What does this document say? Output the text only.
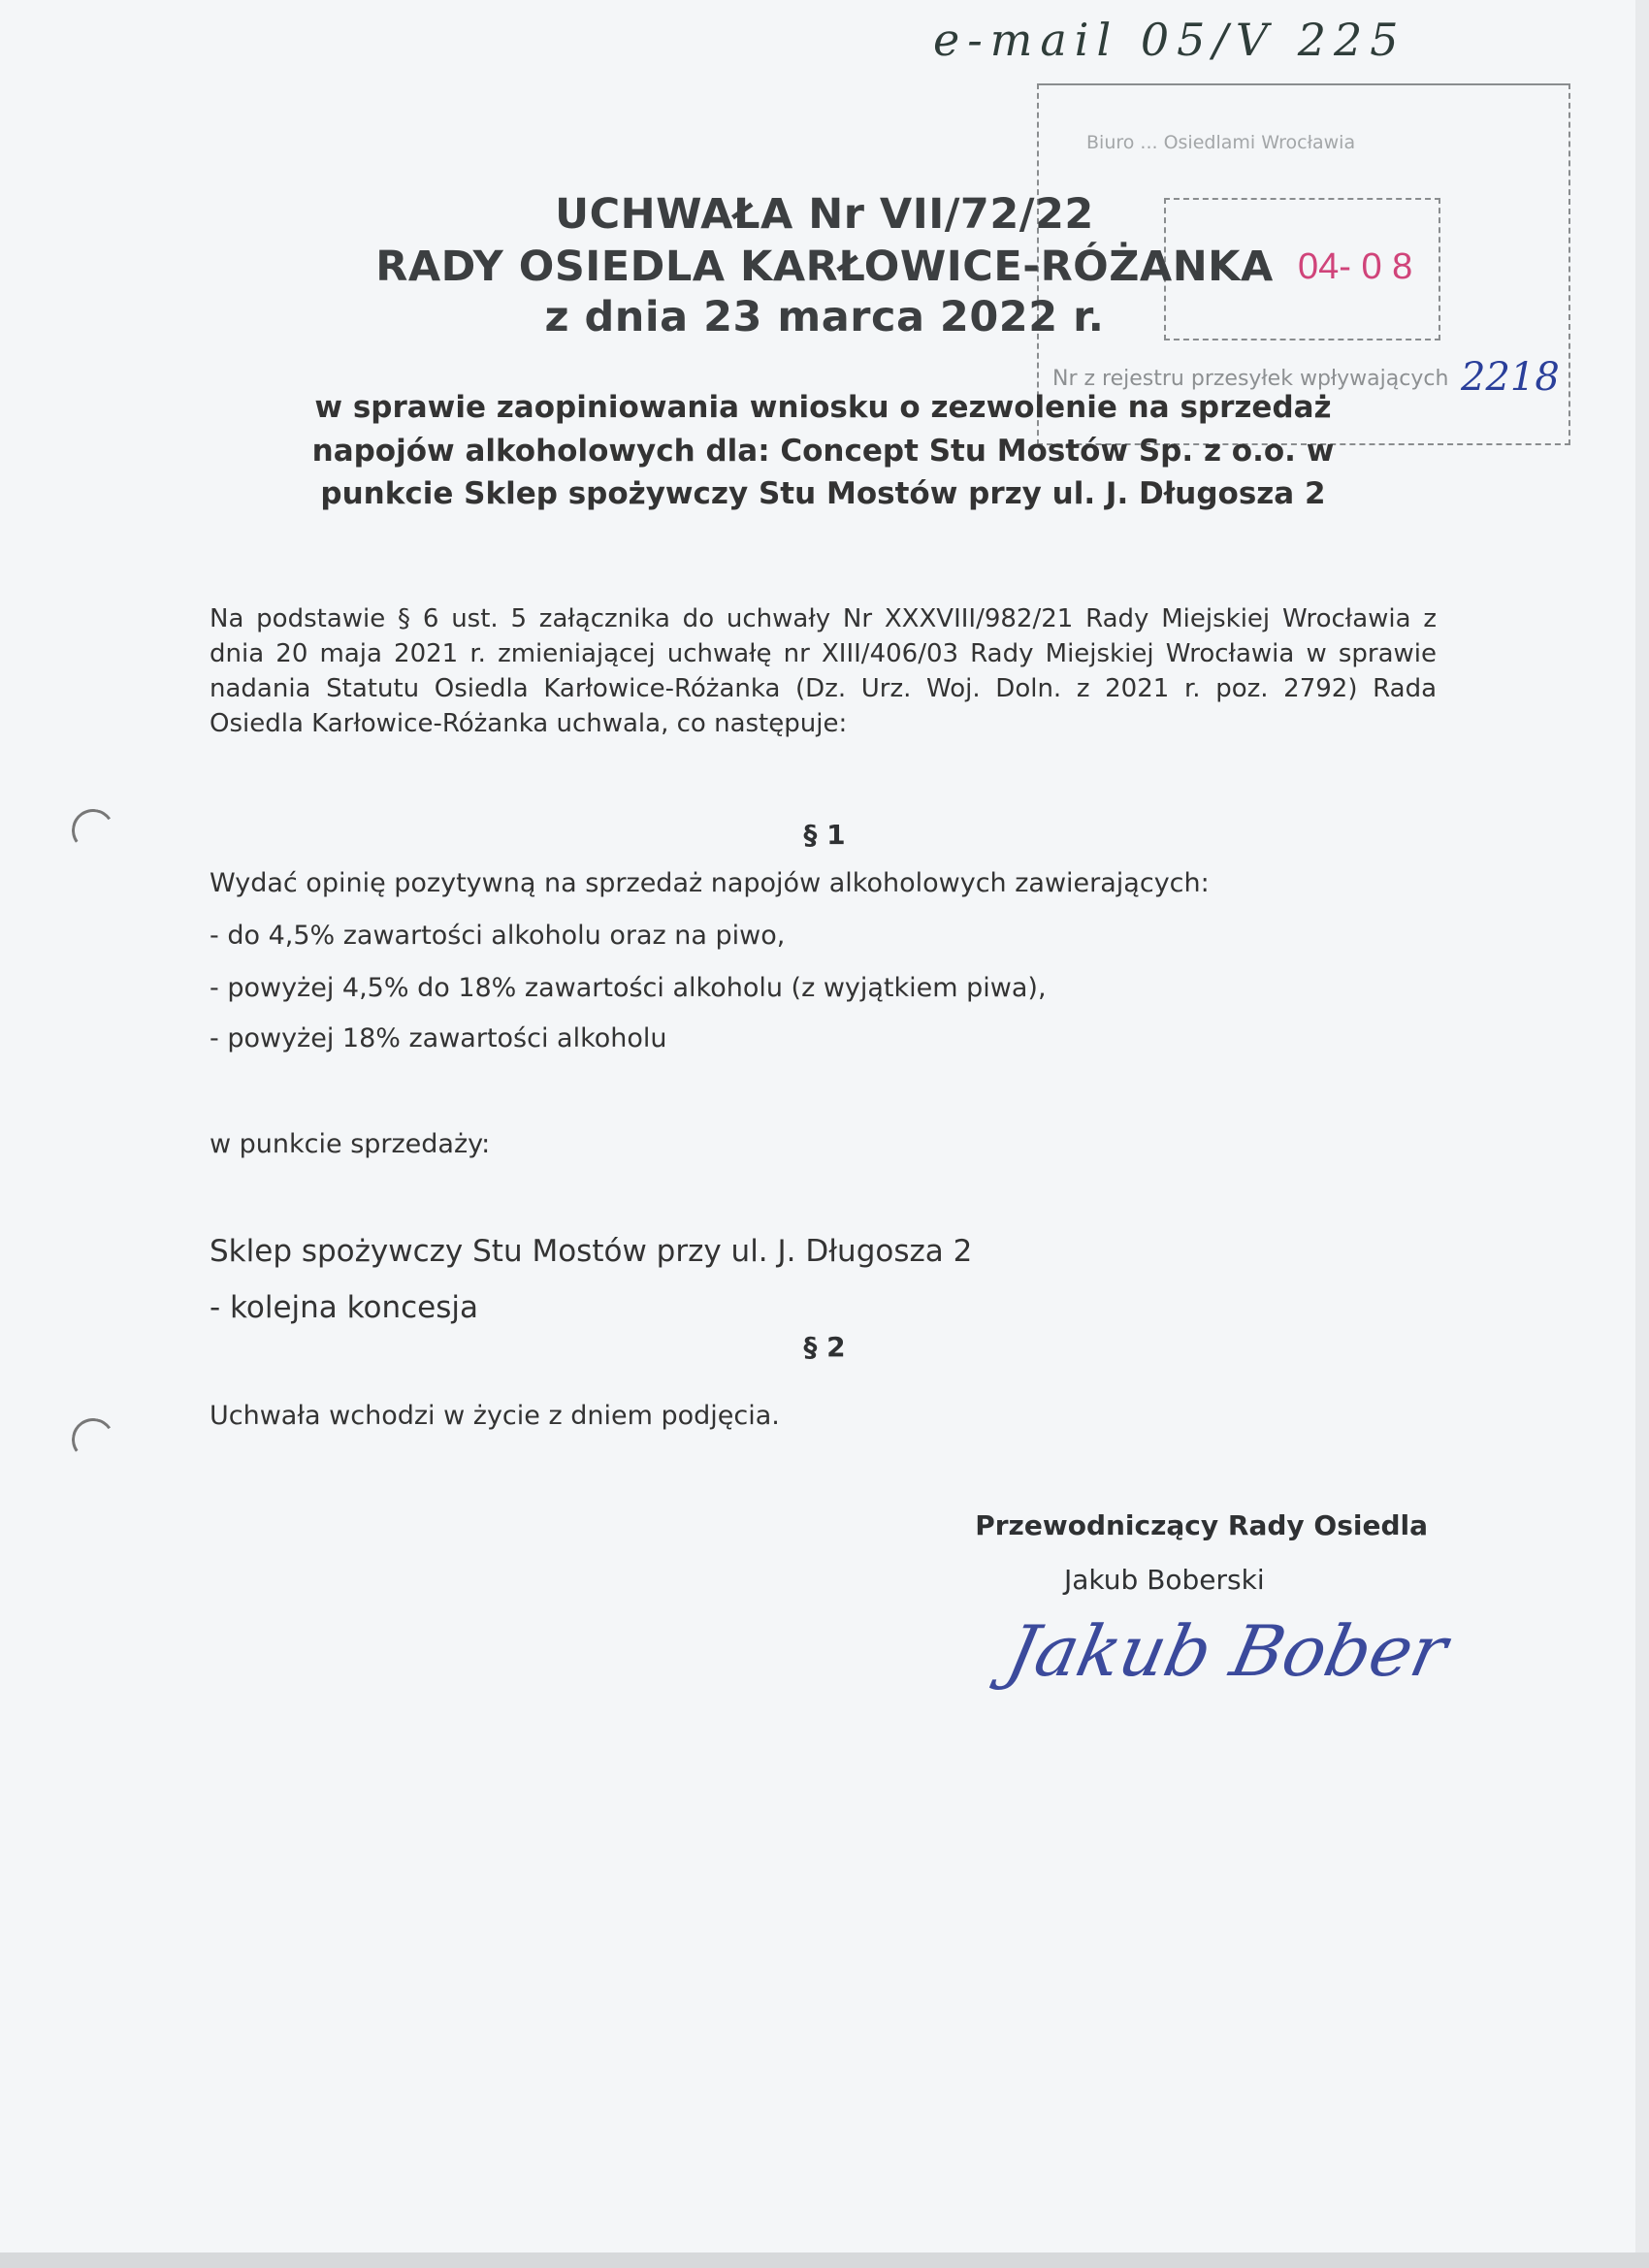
e-mail 05/V 225
Biuro ... Osiedlami Wrocławia
04- 0 8
Nr z rejestru przesyłek wpływających 2218
UCHWAŁA Nr VII/72/22
RADY OSIEDLA KARŁOWICE-RÓŻANKA
z dnia 23 marca 2022 r.
w sprawie zaopiniowania wniosku o zezwolenie na sprzedaż
napojów alkoholowych dla: Concept Stu Mostów Sp. z o.o. w
punkcie Sklep spożywczy Stu Mostów przy ul. J. Długosza 2
Na podstawie § 6 ust. 5 załącznika do uchwały Nr XXXVIII/982/21 Rady Miejskiej Wrocławia z dnia 20 maja 2021 r. zmieniającej uchwałę nr XIII/406/03 Rady Miejskiej Wrocławia w sprawie nadania Statutu Osiedla Karłowice-Różanka (Dz. Urz. Woj. Doln. z 2021 r. poz. 2792) Rada Osiedla Karłowice-Różanka uchwala, co następuje:
§ 1
Wydać opinię pozytywną na sprzedaż napojów alkoholowych zawierających:
- do 4,5% zawartości alkoholu oraz na piwo,
- powyżej 4,5% do 18% zawartości alkoholu (z wyjątkiem piwa),
- powyżej 18% zawartości alkoholu
w punkcie sprzedaży:
Sklep spożywczy Stu Mostów przy ul. J. Długosza 2
- kolejna koncesja
§ 2
Uchwała wchodzi w życie z dniem podjęcia.
Przewodniczący Rady Osiedla
Jakub Boberski
Jakub Bober
